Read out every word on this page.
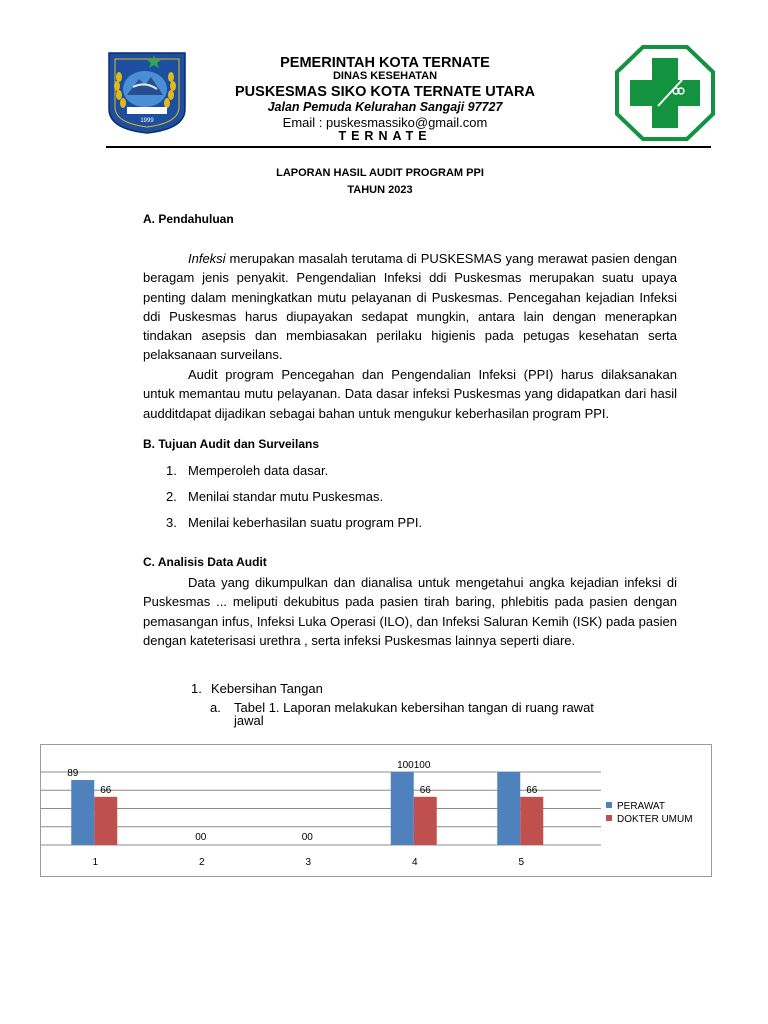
1999
PEMERINTAH KOTA TERNATE
DINAS KESEHATAN
PUSKESMAS SIKO KOTA TERNATE UTARA
Jalan Pemuda Kelurahan Sangaji 97727
Email : puskesmassiko@gmail.com
TERNATE
LAPORAN HASIL AUDIT PROGRAM PPI
TAHUN 2023
A. Pendahuluan
Infeksi merupakan masalah terutama di PUSKESMAS yang merawat pasien dengan beragam jenis penyakit. Pengendalian Infeksi ddi Puskesmas merupakan suatu upaya penting dalam meningkatkan mutu pelayanan di Puskesmas. Pencegahan kejadian Infeksi ddi Puskesmas harus diupayakan sedapat mungkin, antara lain dengan menerapkan tindakan asepsis dan membiasakan perilaku higienis pada petugas kesehatan serta pelaksanaan surveilans.
Audit program Pencegahan dan Pengendalian Infeksi (PPI) harus dilaksanakan untuk memantau mutu pelayanan. Data dasar infeksi Puskesmas yang didapatkan dari hasil audditdapat dijadikan sebagai bahan untuk mengukur keberhasilan program PPI.
B. Tujuan Audit dan Surveilans
1. Memperoleh data dasar.
2. Menilai standar mutu Puskesmas.
3. Menilai keberhasilan suatu program PPI.
C. Analisis Data Audit
Data yang dikumpulkan dan dianalisa untuk mengetahui angka kejadian infeksi di Puskesmas ... meliputi dekubitus pada pasien tirah baring, phlebitis pada pasien dengan pemasangan infus, Infeksi Luka Operasi (ILO), dan Infeksi Saluran Kemih (ISK) pada pasien dengan kateterisasi urethra , serta infeksi Puskesmas lainnya seperti diare.
1. Kebersihan Tangan
a. Tabel 1. Laporan melakukan kebersihan tangan di ruang rawat
jawal
1	2	3	4	5
89
66
00	00
100100
66	66
PERAWAT
DOKTER UMUM
